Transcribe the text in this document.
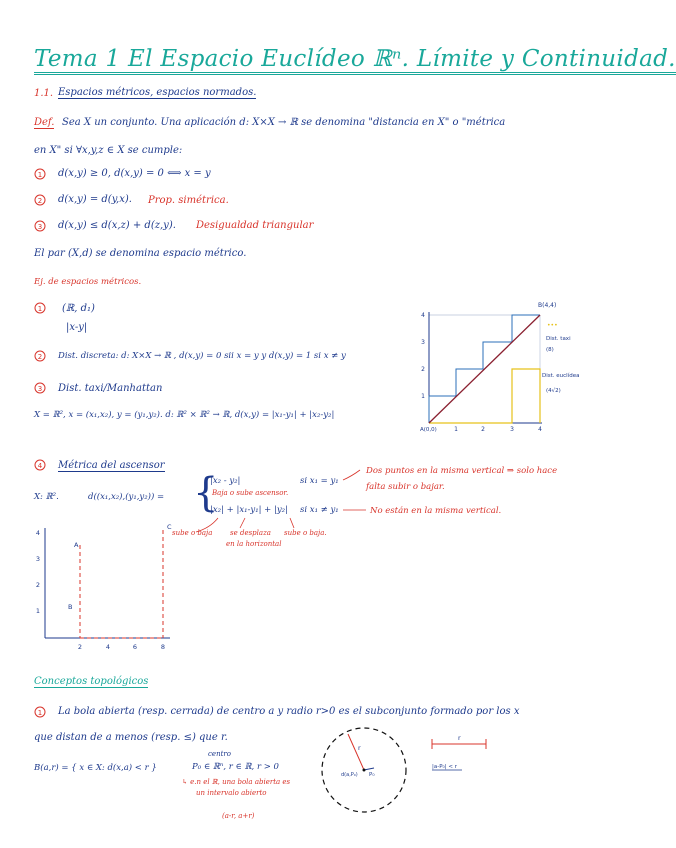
Tema 1 El Espacio Euclídeo ℝⁿ. Límite y Continuidad.
1.1. Espacios métricos, espacios normados.
Def. Sea X un conjunto. Una aplicación d: X×X → ℝ se denomina "distancia en X" o "métrica
en X" si ∀x,y,z ∈ X se cumple:
1 d(x,y) ≥ 0, d(x,y) = 0 ⟺ x = y
2 d(x,y) = d(y,x). Prop. simétrica.
3 d(x,y) ≤ d(x,z) + d(z,y). Desigualdad triangular
El par (X,d) se denomina espacio métrico.
Ej. de espacios métricos.
1 (ℝ, d₁)
|x-y|
2 Dist. discreta: d: X×X → ℝ , d(x,y) = 0 sii x = y y d(x,y) = 1 si x ≠ y
3 Dist. taxi/Manhattan
X = ℝ², x = (x₁,x₂), y = (y₁,y₂). d: ℝ² × ℝ² → ℝ, d(x,y) = |x₁-y₁| + |x₂-y₂|
1	2	3	4
1
2
3
4
A(0,0)
B(4,4)
•••
Dist. taxi
(8)
Dist. euclídea
(4√2)
4 Métrica del ascensor
X: ℝ².	d((x₁,x₂),(y₁,y₂)) = {
|x₂ - y₂|
Baja o sube ascensor.
si x₁ = y₁
|x₂| + |x₁-y₁| + |y₂| si x₁ ≠ y₁
Dos puntos en la misma vertical ⇒ solo hace
falta subir o bajar.
No están en la misma vertical.
sube o baja	se desplaza
en la horizontal
sube o baja.
1
2
3
4
2	4	6	8
A
B
C
Conceptos topológicos
1 La bola abierta (resp. cerrada) de centro a y radio r>0 es el subconjunto formado por los x
que distan de a menos (resp. ≤) que r.
B(a,r) = { x ∈ X: d(x,a) < r }
centro
P₀ ∈ ℝⁿ, r ∈ ℝ, r > 0
↳ e.n el ℝ, una bola abierta es
un intervalo abierto
(a-r, a+r)
r
d(a,P₀) P₀
r
|a-P₀| < r
